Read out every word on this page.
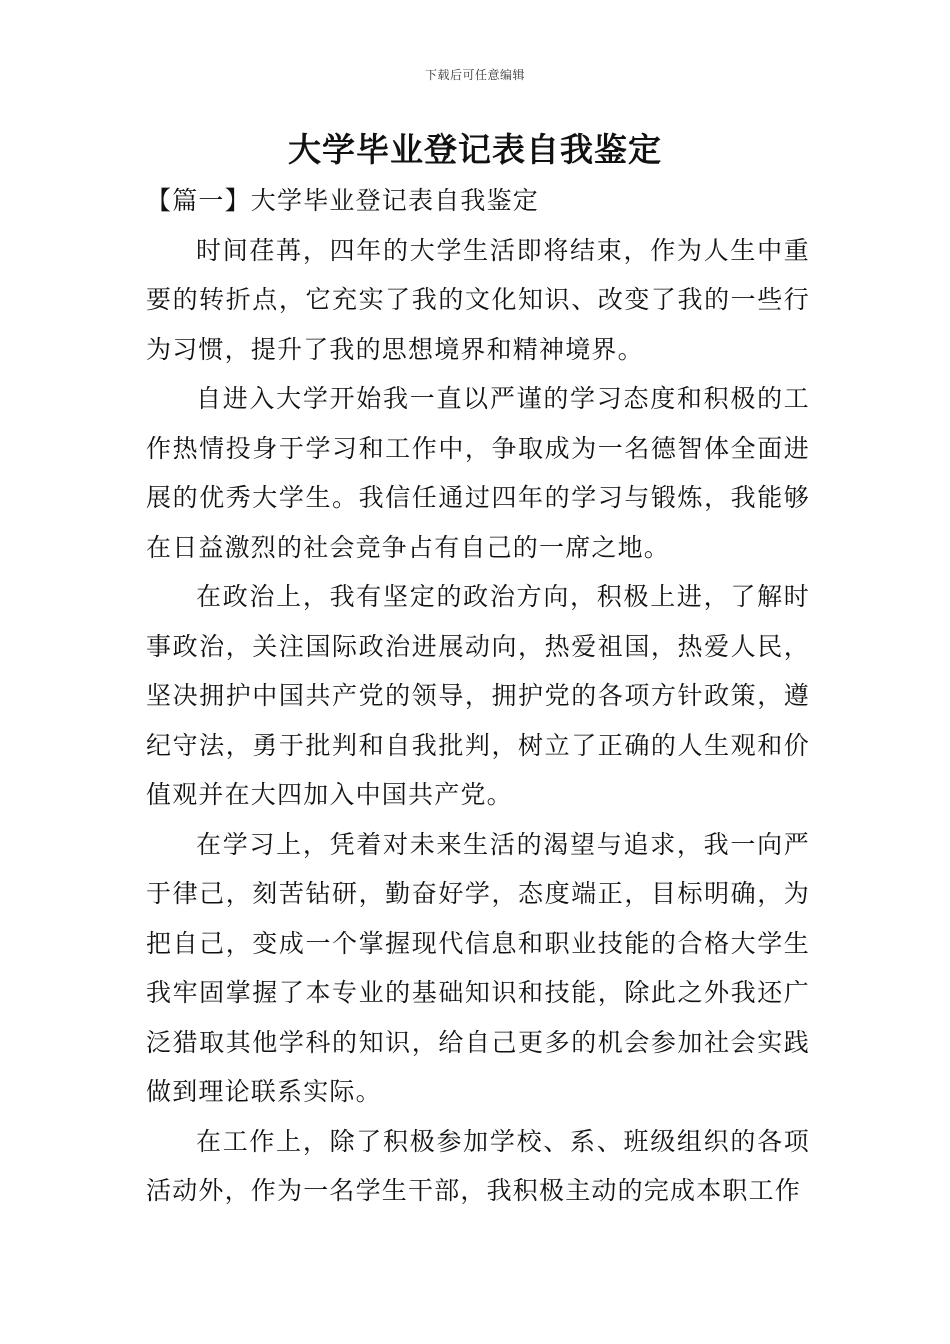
下载后可任意编辑
大学毕业登记表自我鉴定

【篇一】大学毕业登记表自我鉴定

时间荏苒，四年的大学生活即将结束，作为人生中重要的转折点，它充实了我的文化知识、改变了我的一些行为习惯，提升了我的思想境界和精神境界。

自进入大学开始我一直以严谨的学习态度和积极的工作热情投身于学习和工作中，争取成为一名德智体全面进展的优秀大学生。我信任通过四年的学习与锻炼，我能够在日益激烈的社会竞争占有自己的一席之地。

在政治上，我有坚定的政治方向，积极上进，了解时事政治，关注国际政治进展动向，热爱祖国，热爱人民，坚决拥护中国共产党的领导，拥护党的各项方针政策，遵纪守法，勇于批判和自我批判，树立了正确的人生观和价值观并在大四加入中国共产党。

在学习上，凭着对未来生活的渴望与追求，我一向严于律己，刻苦钻研，勤奋好学，态度端正，目标明确，为把自己，变成一个掌握现代信息和职业技能的合格大学生我牢固掌握了本专业的基础知识和技能，除此之外我还广泛猎取其他学科的知识，给自己更多的机会参加社会实践做到理论联系实际。

在工作上，除了积极参加学校、系、班级组织的各项活动外，作为一名学生干部，我积极主动的完成本职工作
